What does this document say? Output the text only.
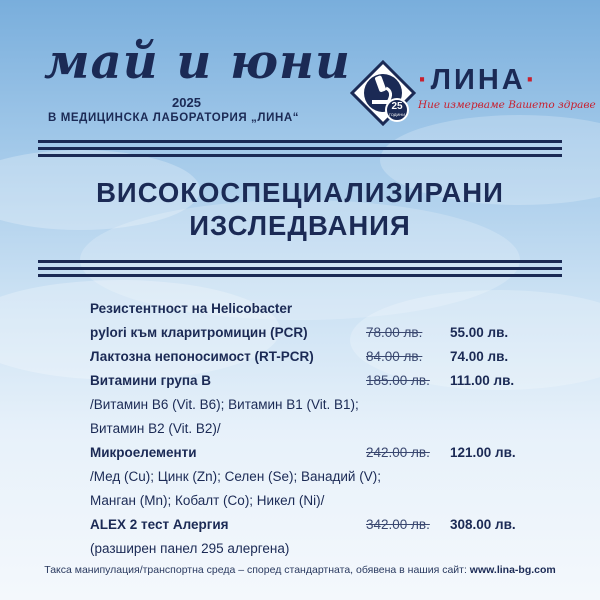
май и юни
2025
В МЕДИЦИНСКА ЛАБОРАТОРИЯ „ЛИНА“
25
ГОДИНИ
·ЛИНА·
Ние измерваме Вашето здраве
ВИСОКОСПЕЦИАЛИЗИРАНИ
ИЗСЛЕДВАНИЯ
Резистентност на Helicobacter
pylori към кларитромицин (PCR)	78.00 лв. 55.00 лв.
Лактозна непоносимост (RT-PCR)	84.00 лв. 74.00 лв.
Витамини група В	185.00 лв. 111.00 лв.
/Витамин В6 (Vit. B6); Витамин В1 (Vit. B1);
Витамин В2 (Vit. B2)/
Микроелементи	242.00 лв. 121.00 лв.
/Мед (Cu); Цинк (Zn); Селен (Se); Ванадий (V);
Манган (Mn); Кобалт (Co); Никел (Ni)/
ALEX 2 тест Алергия	342.00 лв. 308.00 лв.
(разширен панел 295 алергена)
Такса манипулация/транспортна среда – според стандартната, обявена в нашия сайт: www.lina-bg.com
